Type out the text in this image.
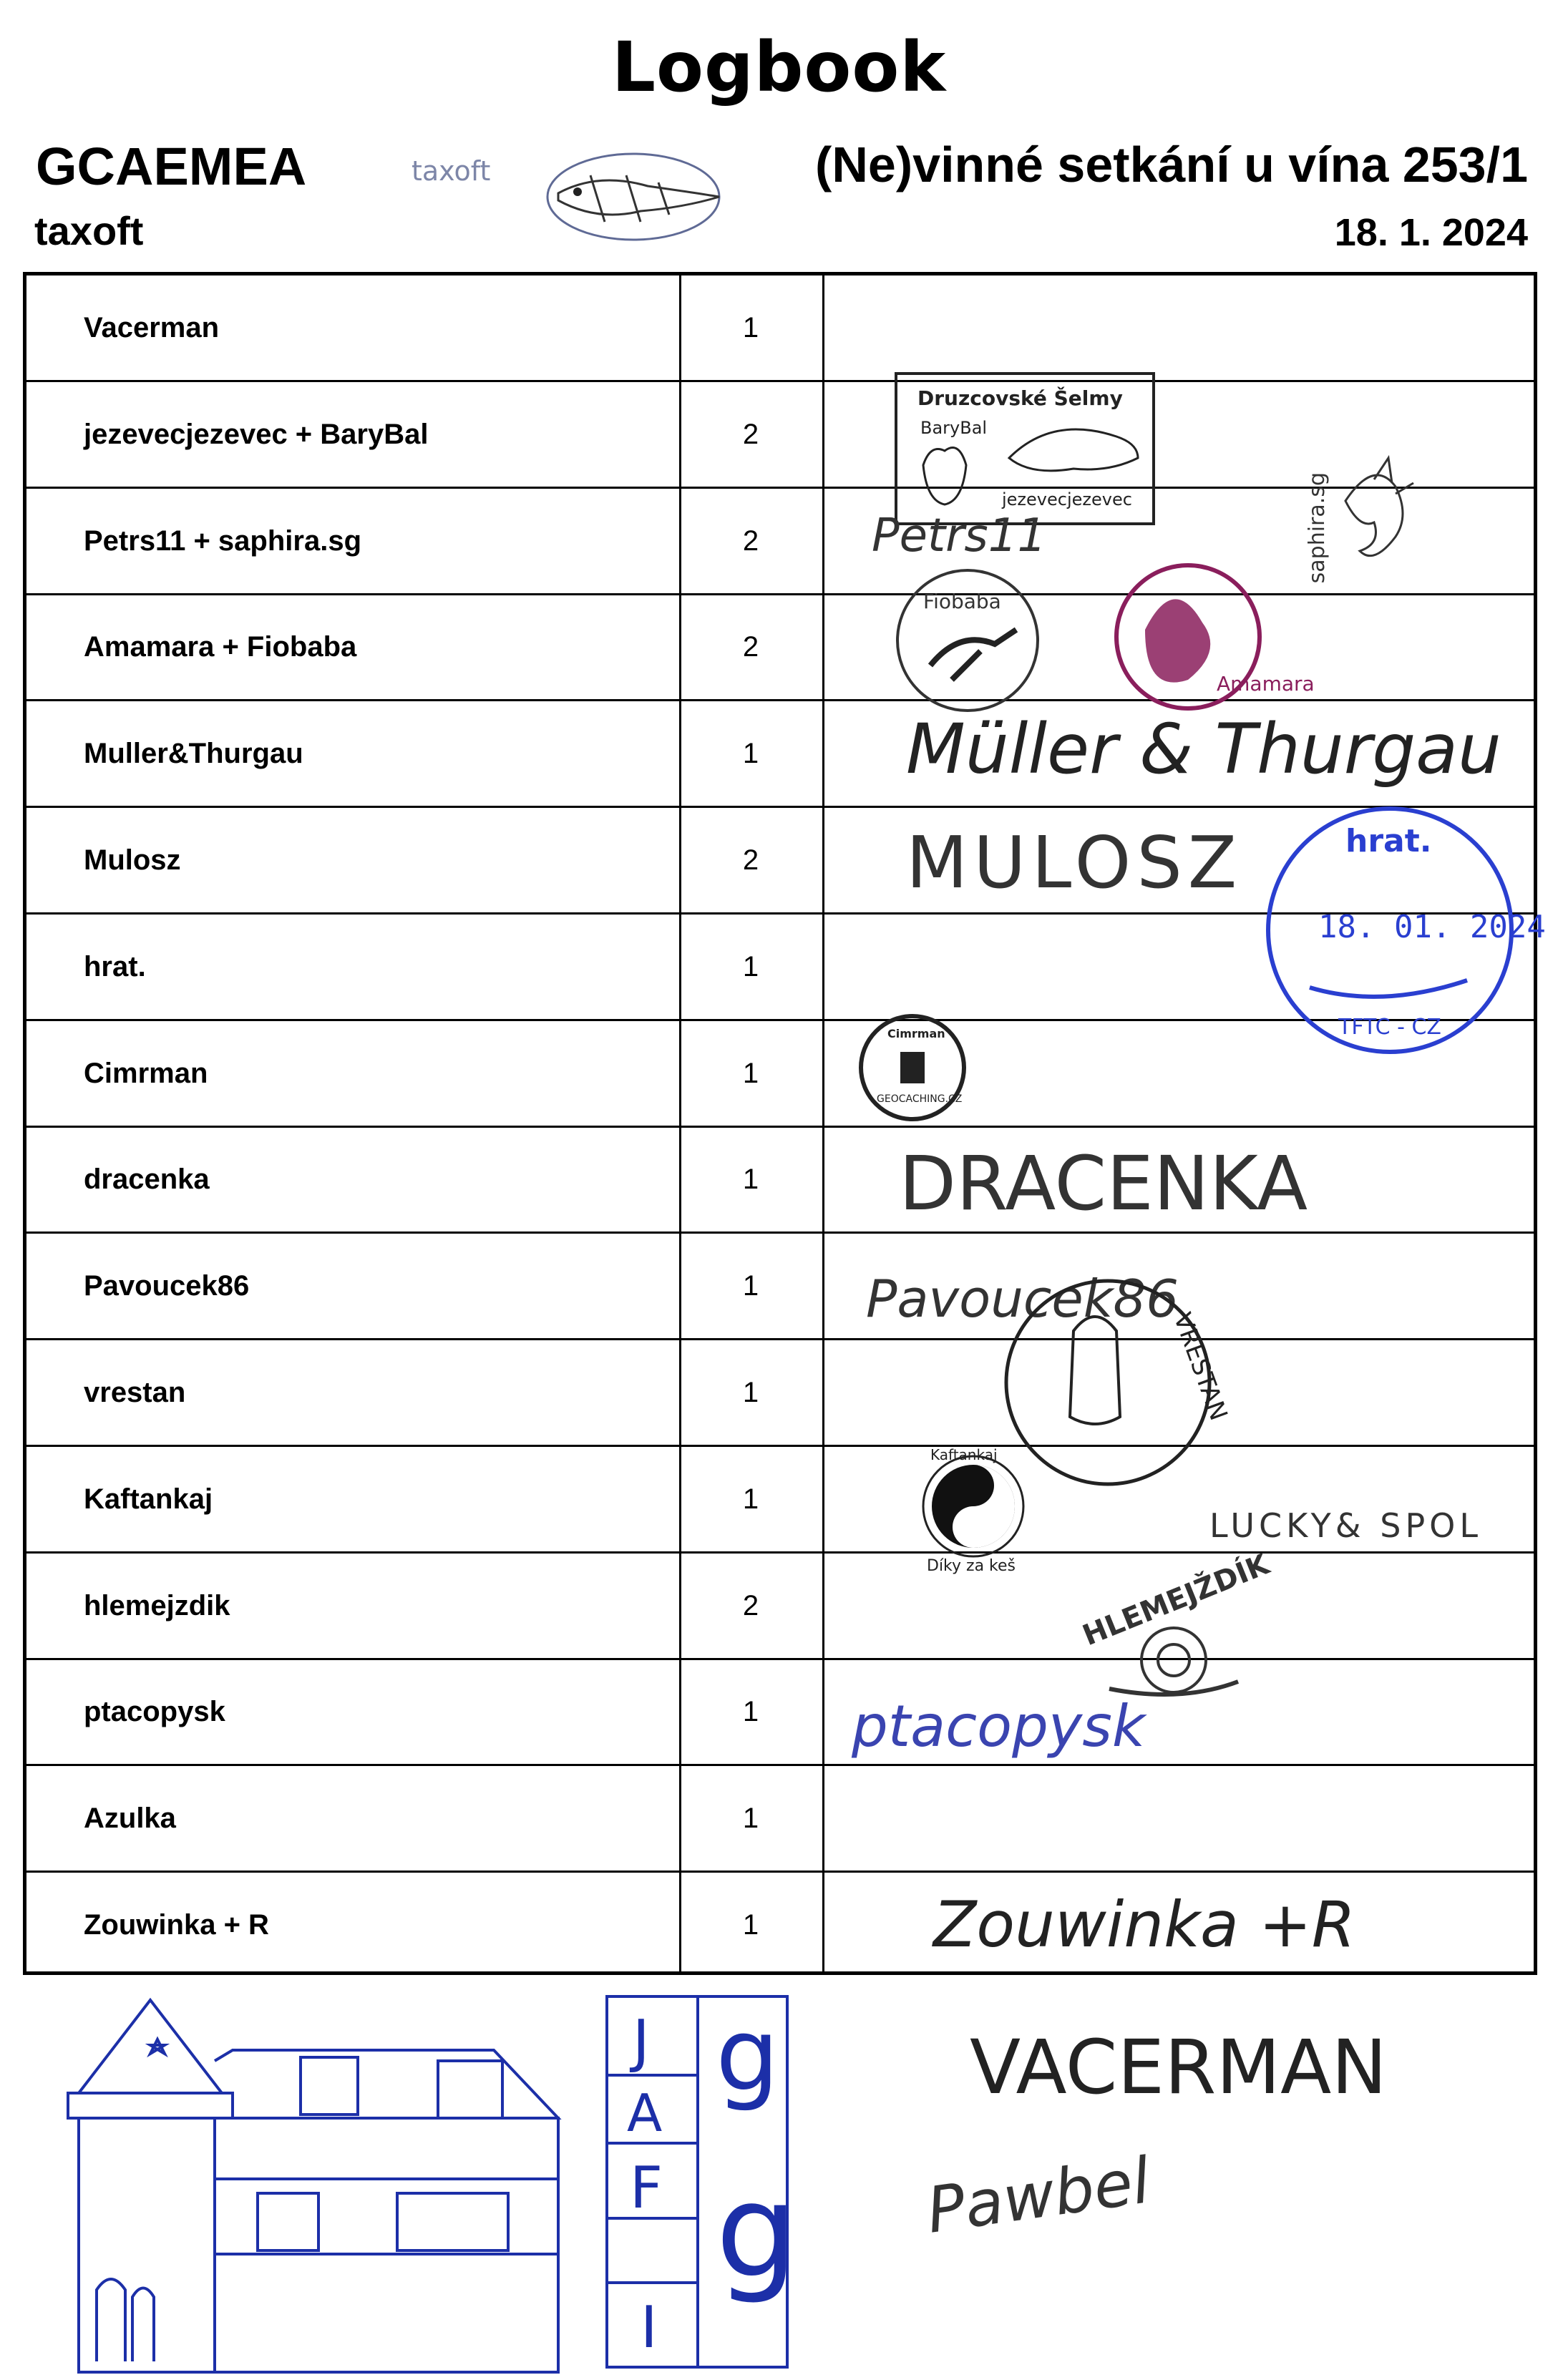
Logbook
GCAEMEA
taxoft
(Ne)vinné setkání u vína 253/1
18. 1. 2024
taxoft
Vacerman	1
jezevecjezevec + BaryBal	2
Petrs11 + saphira.sg	2
Amamara + Fiobaba	2
Muller&Thurgau	1
Mulosz	2
hrat.	1
Cimrman	1
dracenka	1
Pavoucek86	1
vrestan	1
Kaftankaj	1
hlemejzdik	2
ptacopysk	1
Azulka	1
Zouwinka + R	1
Druzcovské Šelmy
BaryBal
jezevecjezevec	saphira.sg
Petrs11
Fiobaba
Amamara
Müller & Thurgau
MULOSZ	hrat.
18. 01. 2024
TFTC - CZ
Cimrman
GEOCACHING.CZ
DRACENKA
Pavoucek86
VRESTAN
Kaftankaj
Díky za keš
LUCKY& SPOL
HLEMEJŽDÍK
ptacopysk
Zouwinka +R
VACERMAN
Pawbel
J
A
F
I
g
g
